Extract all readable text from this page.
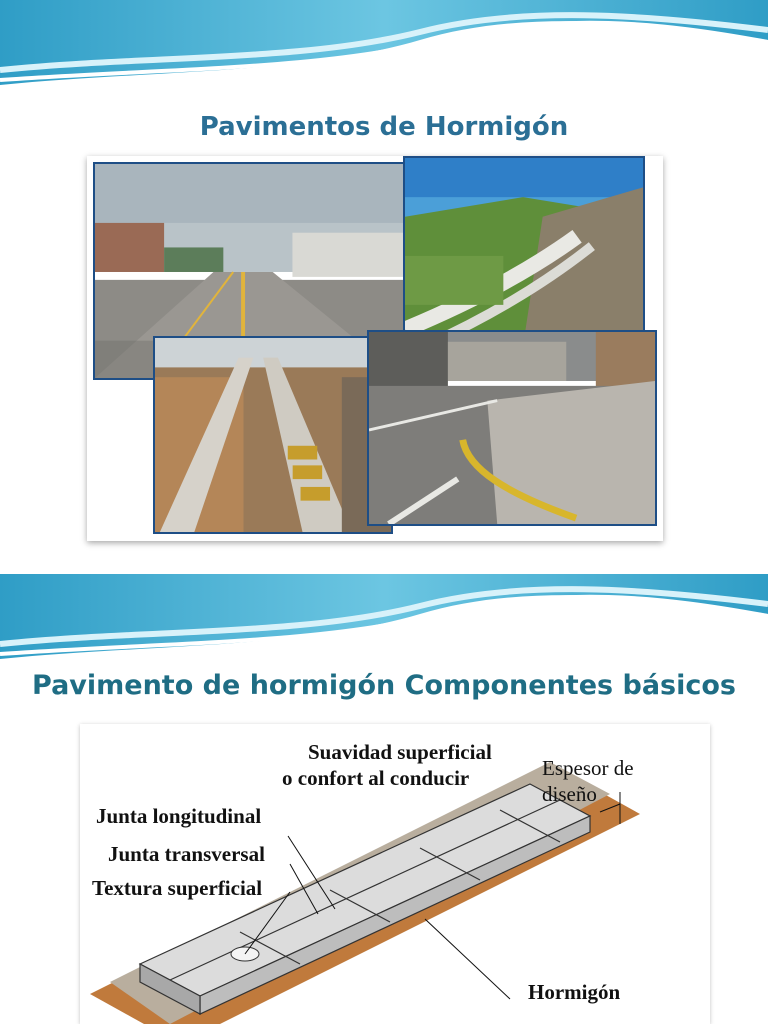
Pavimentos de Hormigón
Pavimento de hormigón Componentes básicos
Suavidad superficial
o confort al conducir	Espesor de
diseño
Junta longitudinal
Junta transversal
Textura superficial
Hormigón
